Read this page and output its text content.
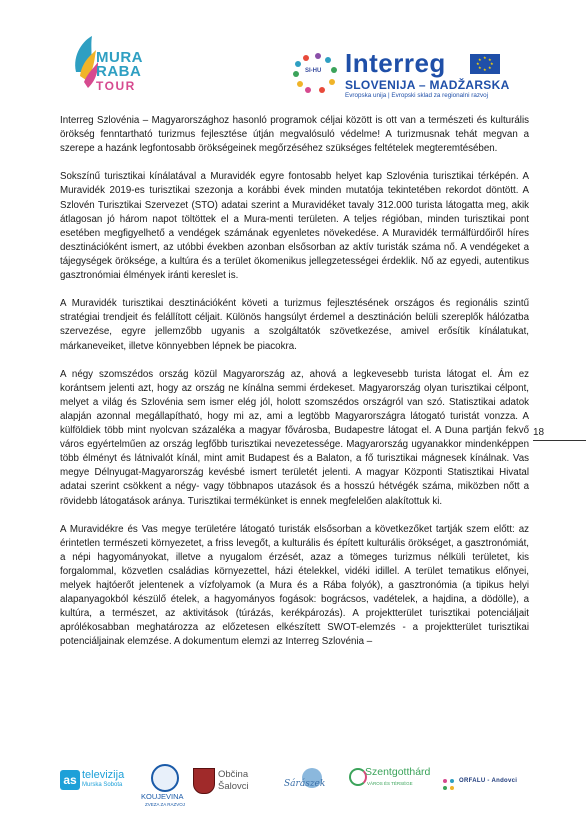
MURA
RABA
TOUR
SI-HU Interreg	★ ★
★
★
★
★
★
★
SLOVENIJA – MADŽARSKA
Evropska unija | Evropski sklad za regionalni razvoj

Interreg Szlovénia – Magyarországhoz hasonló programok céljai között is ott van a természeti és kulturális örökség fenntartható turizmus fejlesztése útján megvalósuló védelme! A turizmusnak tehát megvan a szerepe a hazánk legfontosabb örökségeinek megőrzéséhez szükséges feltételek megteremtésében.

Sokszínű turisztikai kínálatával a Muravidék egyre fontosabb helyet kap Szlovénia turisztikai térképén. A Muravidék 2019-es turisztikai szezonja a korábbi évek minden mutatója tekintetében rekordot döntött. A Szlovén Turisztikai Szervezet (STO) adatai szerint a Muravidéket tavaly 312.000 turista látogatta meg, akik átlagosan jó három napot töltöttek el a Mura-menti területen. A teljes régióban, minden turisztikai pont esetében megfigyelhető a vendégek számának egyenletes növekedése. A Muravidék termálfürdőiről híres desztinációként ismert, az utóbbi években azonban elsősorban az aktív turisták száma nő. A vendégeket a tájegységek öröksége, a kultúra és a terület ökomenikus jellegzetességei érdeklik. Nő az egyedi, autentikus gasztronómiai élmények iránti kereslet is.

A Muravidék turisztikai desztinációként követi a turizmus fejlesztésének országos és regionális szintű stratégiai trendjeit és felállított céljait. Különös hangsúlyt érdemel a desztináción belüli szereplők hálózatba szervezése, egyre jellemzőbb ugyanis a szolgáltatók szövetkezése, amivel erősítik kínálatukat, márkaneveiket, illetve könnyebben lépnek be piacokra.

A négy szomszédos ország közül Magyarország az, ahová a legkevesebb turista látogat el. Ám ez korántsem jelenti azt, hogy az ország ne kínálna semmi érdekeset. Magyarország olyan turisztikai célpont, melyet a világ és Szlovénia sem ismer elég jól, holott szomszédos országról van szó. Statisztikai adatok alapján azonnal megállapítható, hogy mi az, ami a legtöbb Magyarországra látogató turistát vonzza. A külföldiek több mint nyolcvan százaléka a magyar fővárosba, Budapestre látogat el. A Duna partján fekvő város egyértelműen az ország legfőbb turisztikai nevezetessége. Magyarország ugyanakkor mindenképpen több élményt és látnivalót kínál, mint amit Budapest és a Balaton, a fő turisztikai mágnesek kínálnak. Vas megye Délnyugat-Magyarország kevésbé ismert területét jelenti. A magyar Központi Statisztikai Hivatal adatai szerint csökkent a négy- vagy többnapos utazások és a hosszú hétvégék száma, miközben nőtt a rövidebb látogatások aránya. Turisztikai termékünket is ennek megfelelően alakítottuk ki.

A Muravidékre és Vas megye területére látogató turisták elsősorban a következőket tartják szem előtt: az érintetlen természeti környezetet, a friss levegőt, a kulturális és épített kulturális örökséget, a gasztronómiát, a népi hagyományokat, illetve a nyugalom érzését, azaz a tömeges turizmus nélküli területet, kis forgalommal, közvetlen családias környezettel, házi ételekkel, vidéki idillel. A terület tematikus előnyei, melyek hajtóerőt jelentenek a vízfolyamok (a Mura és a Rába folyók), a gasztronómia (a tipikus helyi alapanyagokból készülő ételek, a hagyományos fogások: bográcsos, vadételek, a hajdina, a dödölle), a kultúra, a természet, az aktivitások (túrázás, kerékpározás). A projektterület turisztikai potenciáljait aprólékosabban meghatározza az előzetesen elkészített SWOT-elemzés - a projektterület turisztikai potenciáljainak elemzése. A dokumentum elemzi az Interreg Szlovénia –

18
as televizija
Murska Sobota
KOUJEVINA
ZVEZA ZA RAZVOJ
Občina
Šalovci	Sárászek
Szentgotthárd
VÁROS ÉS TÉRSÉGE	ORFALU - Andovci
